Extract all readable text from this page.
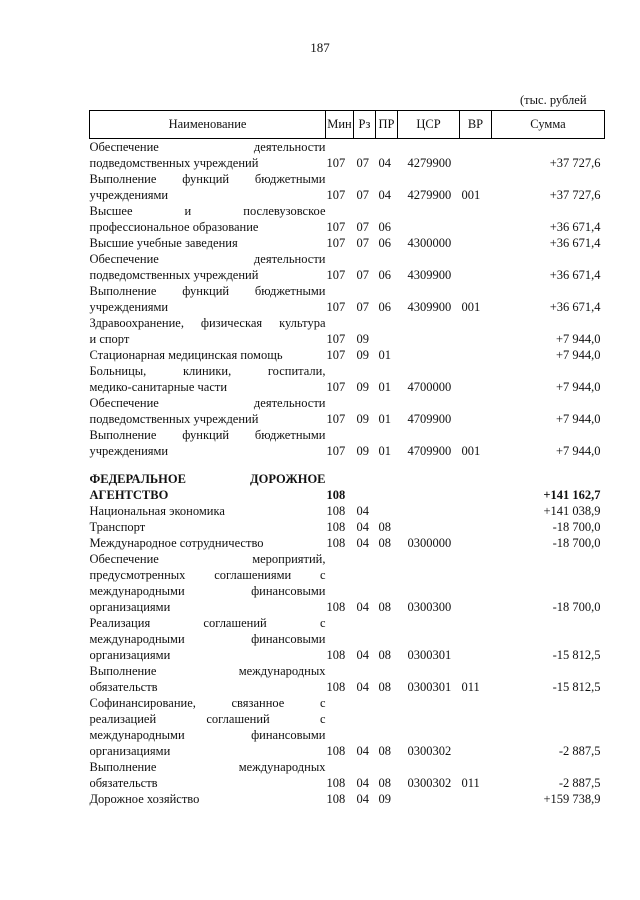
187
(тыс. рублей
Наименование	Мин	Рз	ПР	ЦСР	ВР	Сумма

Обеспечение деятельности
подведомственных учреждений	107	07	04	4279900		+37 727,6

Выполнение функций бюджетными
учреждениями	107	07	04	4279900	001	+37 727,6

Высшее и послевузовское
профессиональное образование	107	07	06			+36 671,4

Высшие учебные заведения	107	07	06	4300000		+36 671,4

Обеспечение деятельности
подведомственных учреждений	107	07	06	4309900		+36 671,4

Выполнение функций бюджетными
учреждениями	107	07	06	4309900	001	+36 671,4

Здравоохранение, физическая культура
и спорт	107	09				+7 944,0

Стационарная медицинская помощь	107	09	01			+7 944,0

Больницы, клиники, госпитали,
медико-санитарные части	107	09	01	4700000		+7 944,0

Обеспечение деятельности
подведомственных учреждений	107	09	01	4709900		+7 944,0

Выполнение функций бюджетными
учреждениями	107	09	01	4709900	001	+7 944,0

ФЕДЕРАЛЬНОЕ ДОРОЖНОЕ
АГЕНТСТВО	108					+141 162,7

Национальная экономика	108	04				+141 038,9

Транспорт	108	04	08			-18 700,0

Международное сотрудничество	108	04	08	0300000		-18 700,0

Обеспечение мероприятий,
предусмотренных соглашениями с
международными финансовыми
организациями	108	04	08	0300300		-18 700,0

Реализация соглашений с
международными финансовыми
организациями	108	04	08	0300301		-15 812,5

Выполнение международных
обязательств	108	04	08	0300301	011	-15 812,5

Софинансирование, связанное с
реализацией соглашений с
международными финансовыми
организациями	108	04	08	0300302		-2 887,5

Выполнение международных
обязательств	108	04	08	0300302	011	-2 887,5

Дорожное хозяйство	108	04	09			+159 738,9
